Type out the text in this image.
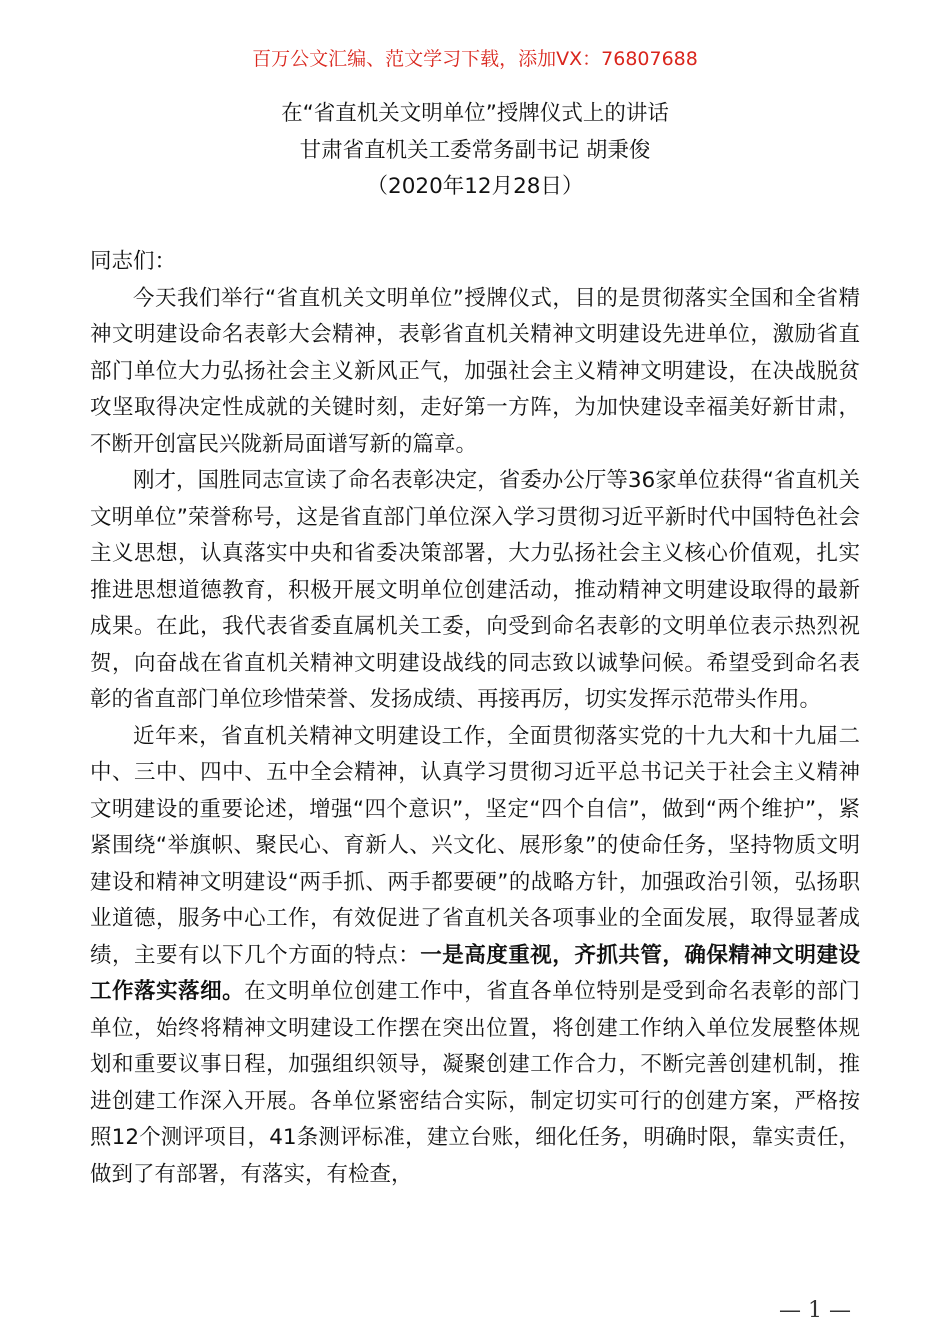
百万公文汇编、范文学习下载，添加VX：76807688
在“省直机关文明单位”授牌仪式上的讲话
甘肃省直机关工委常务副书记 胡秉俊
（2020年12月28日）

同志们：

今天我们举行“省直机关文明单位”授牌仪式，目的是贯彻落实全国和全省精神文明建设命名表彰大会精神，表彰省直机关精神文明建设先进单位，激励省直部门单位大力弘扬社会主义新风正气，加强社会主义精神文明建设，在决战脱贫攻坚取得决定性成就的关键时刻，走好第一方阵，为加快建设幸福美好新甘肃，不断开创富民兴陇新局面谱写新的篇章。

刚才，国胜同志宣读了命名表彰决定，省委办公厅等36家单位获得“省直机关文明单位”荣誉称号，这是省直部门单位深入学习贯彻习近平新时代中国特色社会主义思想，认真落实中央和省委决策部署，大力弘扬社会主义核心价值观，扎实推进思想道德教育，积极开展文明单位创建活动，推动精神文明建设取得的最新成果。在此，我代表省委直属机关工委，向受到命名表彰的文明单位表示热烈祝贺，向奋战在省直机关精神文明建设战线的同志致以诚挚问候。希望受到命名表彰的省直部门单位珍惜荣誉、发扬成绩、再接再厉，切实发挥示范带头作用。

近年来，省直机关精神文明建设工作，全面贯彻落实党的十九大和十九届二中、三中、四中、五中全会精神，认真学习贯彻习近平总书记关于社会主义精神文明建设的重要论述，增强“四个意识”，坚定“四个自信”，做到“两个维护”，紧紧围绕“举旗帜、聚民心、育新人、兴文化、展形象”的使命任务，坚持物质文明建设和精神文明建设“两手抓、两手都要硬”的战略方针，加强政治引领，弘扬职业道德，服务中心工作，有效促进了省直机关各项事业的全面发展，取得显著成绩，主要有以下几个方面的特点：一是高度重视，齐抓共管，确保精神文明建设工作落实落细。在文明单位创建工作中，省直各单位特别是受到命名表彰的部门单位，始终将精神文明建设工作摆在突出位置，将创建工作纳入单位发展整体规划和重要议事日程，加强组织领导，凝聚创建工作合力，不断完善创建机制，推进创建工作深入开展。各单位紧密结合实际，制定切实可行的创建方案，严格按照12个测评项目，41条测评标准，建立台账，细化任务，明确时限，靠实责任，做到了有部署，有落实，有检查，

— 1 —
